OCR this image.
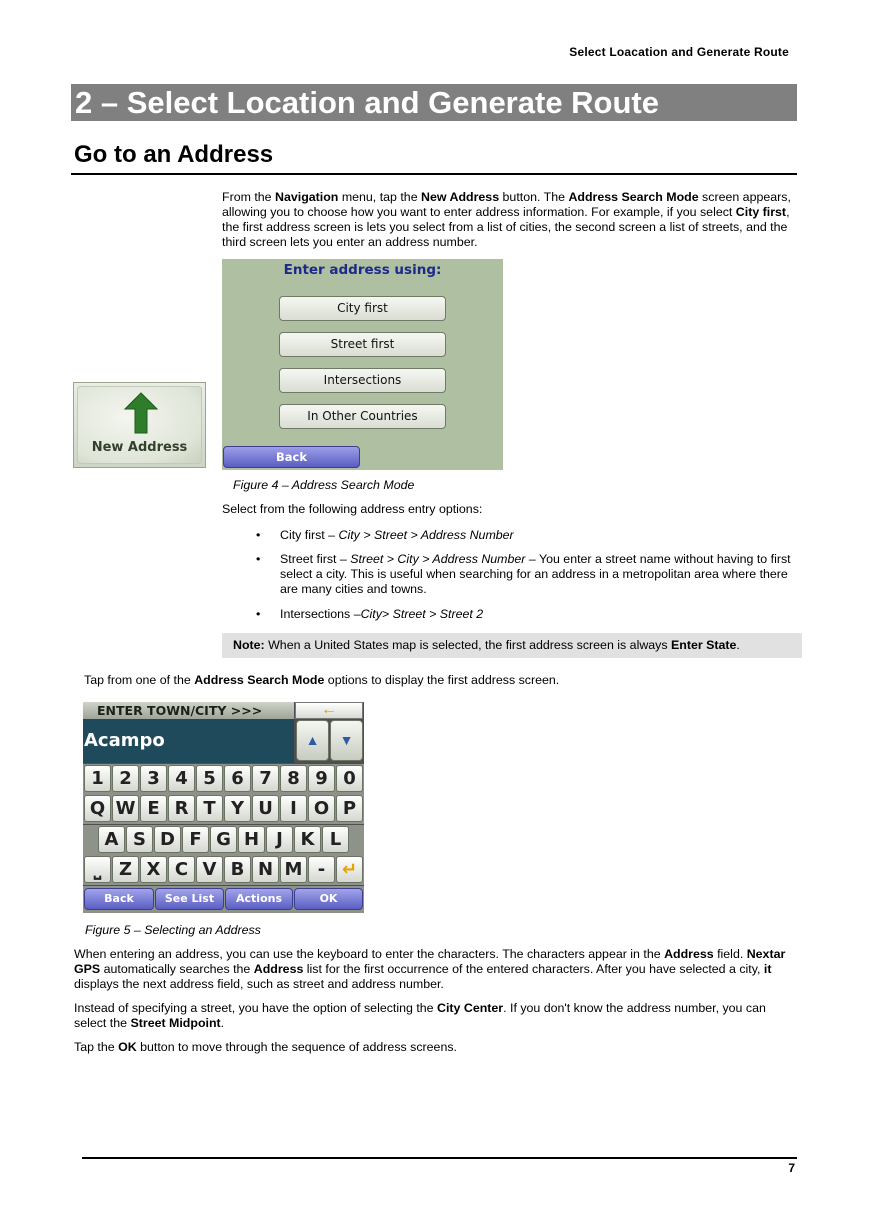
Select Loacation and Generate Route
2 – Select Location and Generate Route
Go to an Address
From the Navigation menu, tap the New Address button. The Address Search Mode screen appears, allowing you to choose how you want to enter address information. For example, if you select City first, the first address screen is lets you select from a list of cities, the second screen a list of streets, and the third screen lets you enter an address number.
New Address
Enter address using:
City first
Street first
Intersections
In Other Countries
Back
Figure 4 – Address Search Mode
Select from the following address entry options:
• City first – City > Street > Address Number
• Street first – Street > City > Address Number – You enter a street name without having to first select a city. This is useful when searching for an address in a metropolitan area where there are many cities and towns.
• Intersections –City> Street > Street 2
Note: When a United States map is selected, the first address screen is always Enter State.
Tap from one of the Address Search Mode options to display the first address screen.
ENTER TOWN/CITY >>>
Acampo
←
▲	▼
1 2 3 4 5 6 7 8 9 0
Q W E R T Y U I O P
A S D F G H J K L
⎵ Z X C V B N M - ↵
Back	See List	Actions	OK
Figure 5 – Selecting an Address
When entering an address, you can use the keyboard to enter the characters. The characters appear in the Address field. Nextar GPS automatically searches the Address list for the first occurrence of the entered characters. After you have selected a city, it displays the next address field, such as street and address number.
Instead of specifying a street, you have the option of selecting the City Center. If you don't know the address number, you can select the Street Midpoint.
Tap the OK button to move through the sequence of address screens.
7
